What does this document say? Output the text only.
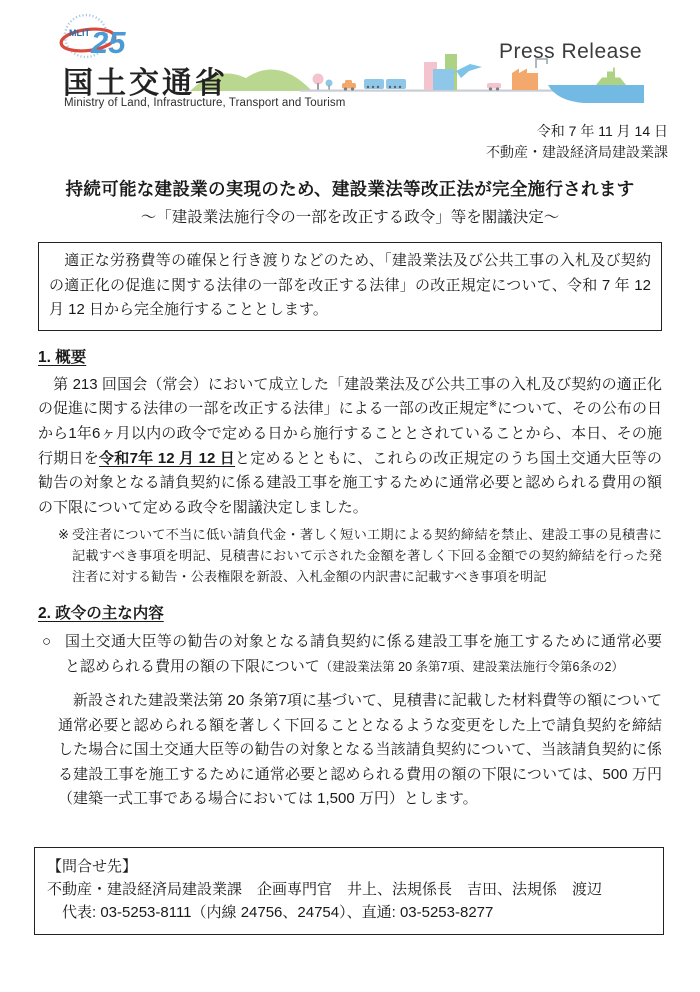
MLIT 25
国土交通省
Ministry of Land, Infrastructure, Transport and Tourism
Press Release
令和 7 年 11 月 14 日
不動産・建設経済局建設業課
持続可能な建設業の実現のため、建設業法等改正法が完全施行されます
～「建設業法施行令の一部を改正する政令」等を閣議決定～
　適正な労務費等の確保と行き渡りなどのため、「建設業法及び公共工事の入札及び契約の適正化の促進に関する法律の一部を改正する法律」の改正規定について、令和 7 年 12 月 12 日から完全施行することとします。
1. 概要
　第 213 回国会（常会）において成立した「建設業法及び公共工事の入札及び契約の適正化の促進に関する法律の一部を改正する法律」による一部の改正規定※について、その公布の日から1年6ヶ月以内の政令で定める日から施行することとされていることから、本日、その施行期日を令和7年 12 月 12 日と定めるとともに、これらの改正規定のうち国土交通大臣等の勧告の対象となる請負契約に係る建設工事を施工するために通常必要と認められる費用の額の下限について定める政令を閣議決定しました。
※ 受注者について不当に低い請負代金・著しく短い工期による契約締結を禁止、建設工事の見積書に記載すべき事項を明記、見積書において示された金額を著しく下回る金額での契約締結を行った発注者に対する勧告・公表権限を新設、入札金額の内訳書に記載すべき事項を明記
2. 政令の主な内容
○ 国土交通大臣等の勧告の対象となる請負契約に係る建設工事を施工するために通常必要と認められる費用の額の下限について（建設業法第 20 条第7項、建設業法施行令第6条の2）
　新設された建設業法第 20 条第7項に基づいて、見積書に記載した材料費等の額について通常必要と認められる額を著しく下回ることとなるような変更をした上で請負契約を締結した場合に国土交通大臣等の勧告の対象となる当該請負契約について、当該請負契約に係る建設工事を施工するために通常必要と認められる費用の額の下限については、500 万円（建築一式工事である場合においては 1,500 万円）とします。
【問合せ先】
不動産・建設経済局建設業課　企画専門官　井上、法規係長　吉田、法規係　渡辺
代表: 03-5253-8111（内線 24756、24754）、直通: 03-5253-8277
